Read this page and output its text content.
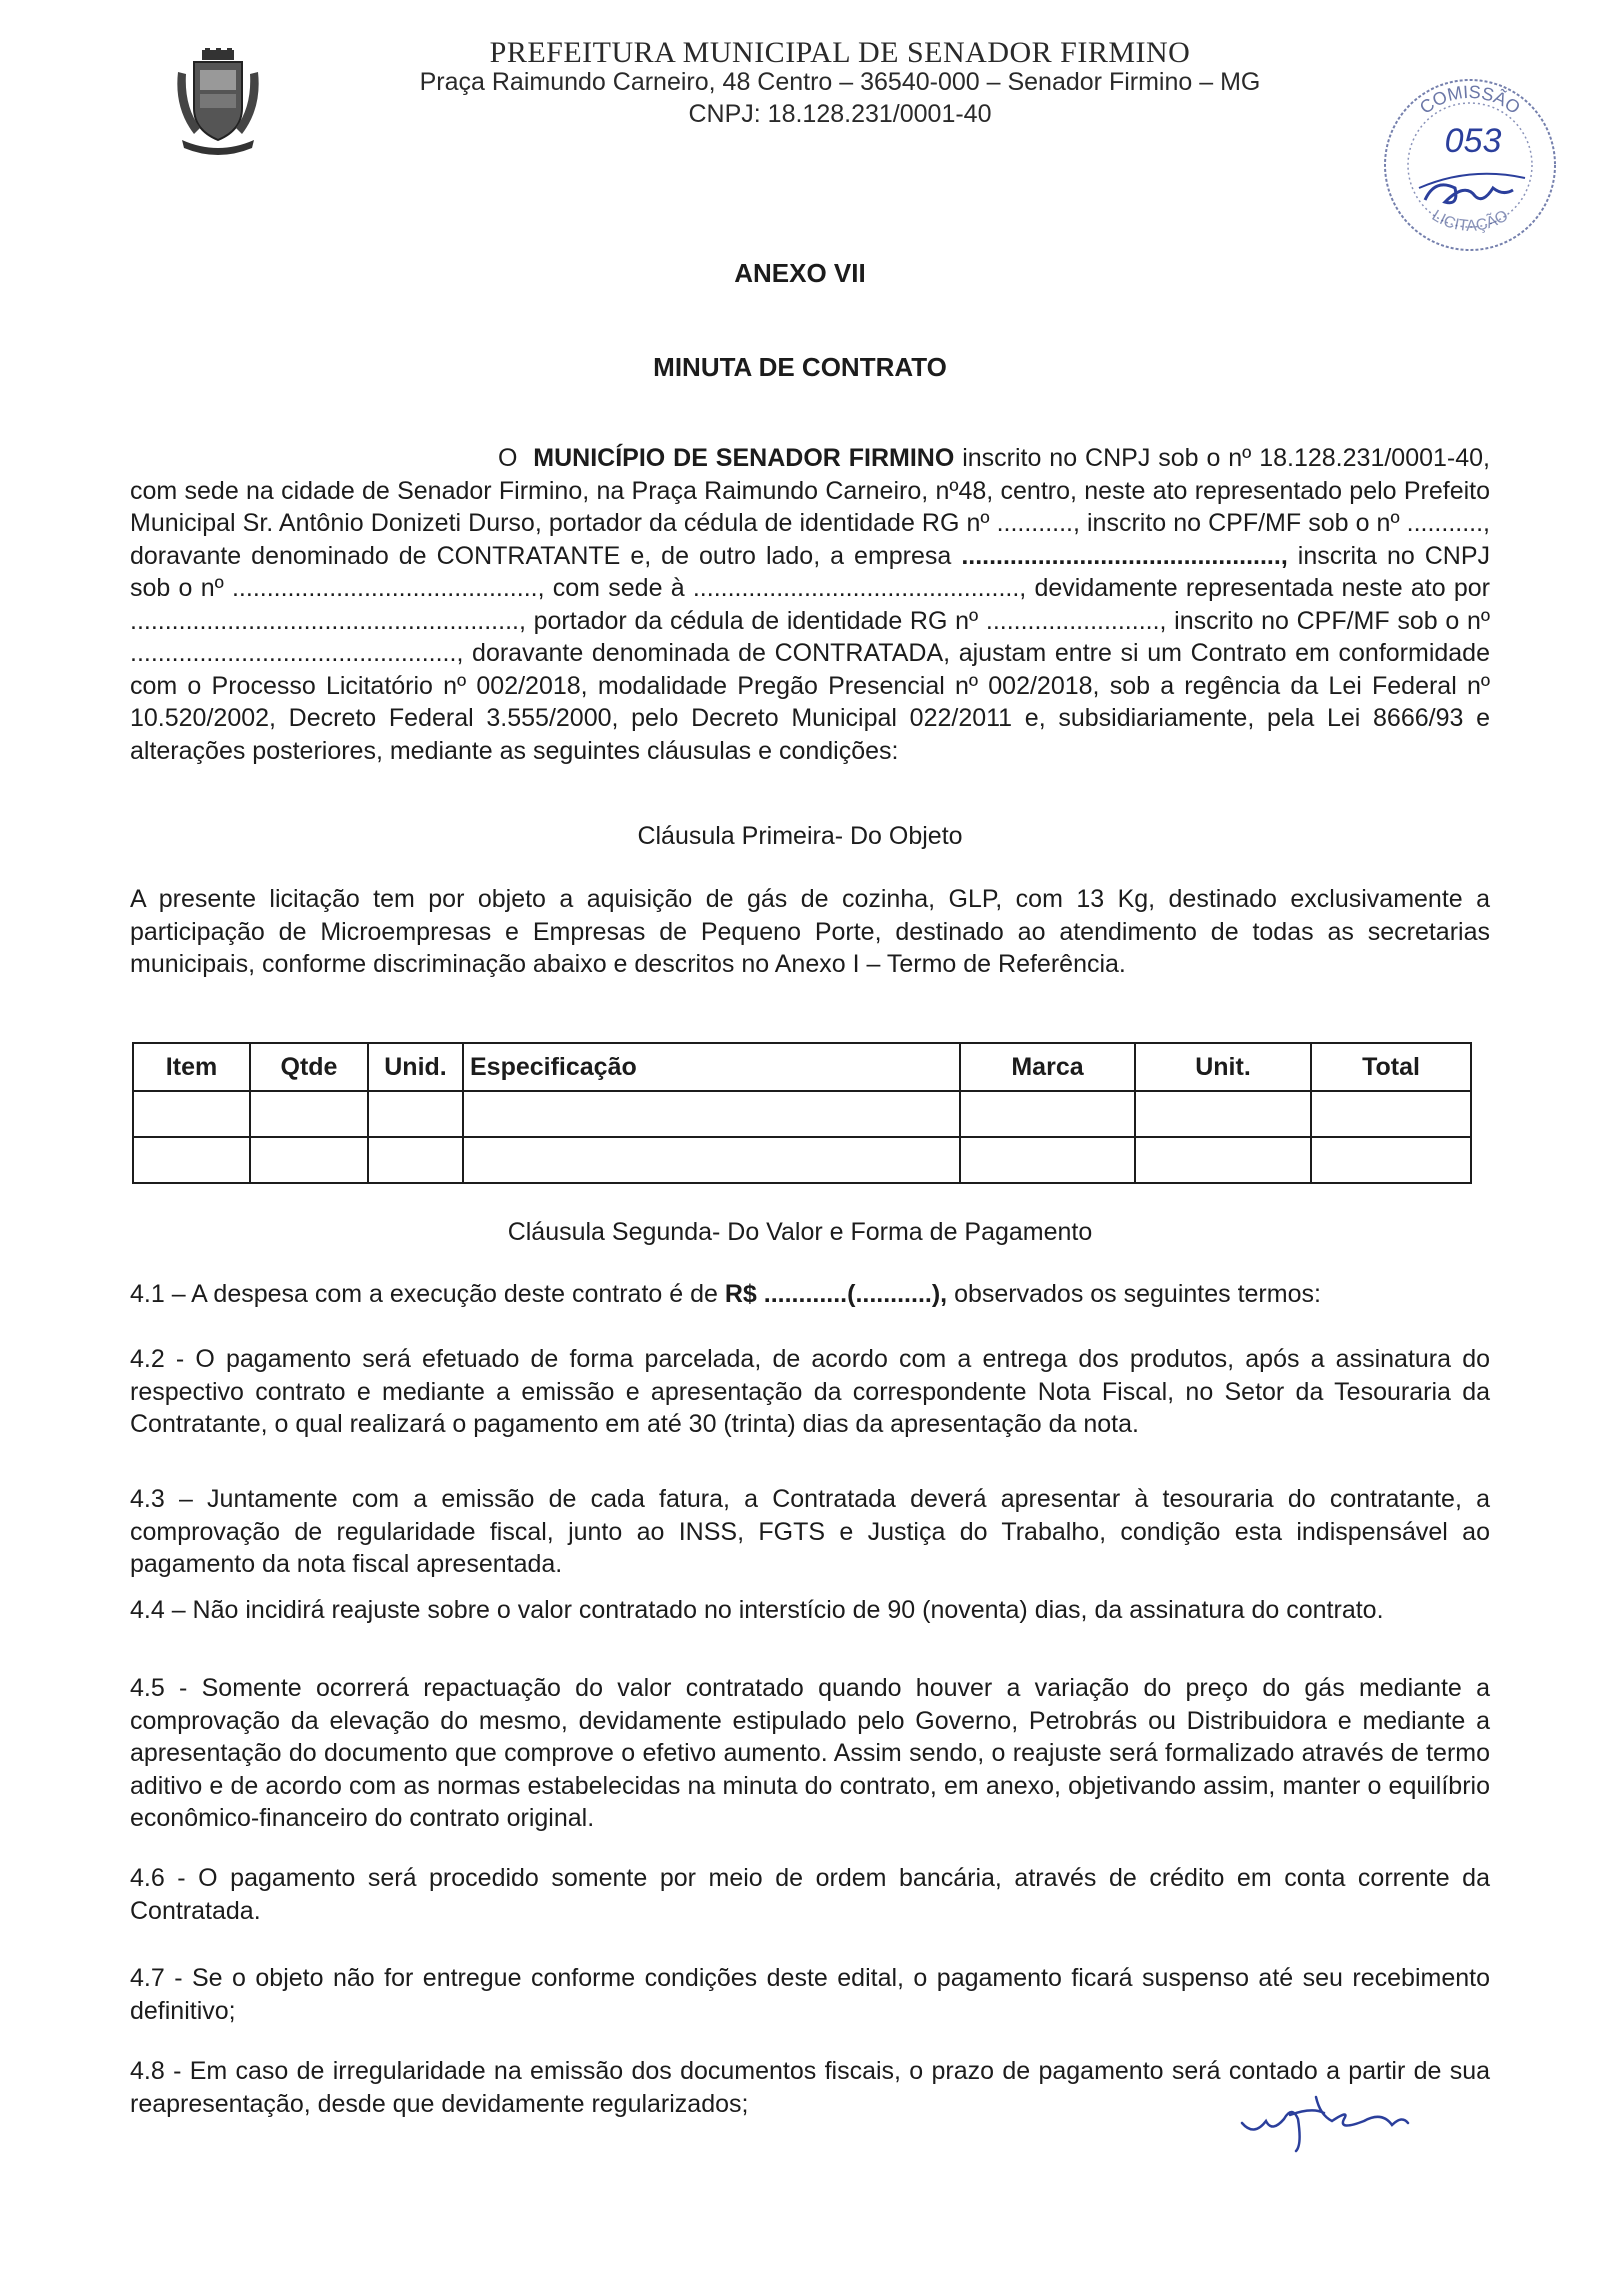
PREFEITURA MUNICIPAL DE SENADOR FIRMINO
Praça Raimundo Carneiro, 48 Centro – 36540-000 – Senador Firmino – MG
CNPJ: 18.128.231/0001-40	COMISSÃO
LICITAÇÃO
053
ANEXO VII
MINUTA DE CONTRATO
O MUNICÍPIO DE SENADOR FIRMINO inscrito no CNPJ sob o nº 18.128.231/0001-40, com sede na cidade de Senador Firmino, na Praça Raimundo Carneiro, nº48, centro, neste ato representado pelo Prefeito Municipal Sr. Antônio Donizeti Durso, portador da cédula de identidade RG nº ..........., inscrito no CPF/MF sob o nº ..........., doravante denominado de CONTRATANTE e, de outro lado, a empresa .............................................., inscrita no CNPJ sob o nº ............................................, com sede à ..............................................., devidamente representada neste ato por ........................................................, portador da cédula de identidade RG nº ........................., inscrito no CPF/MF sob o nº ..............................................., doravante denominada de CONTRATADA, ajustam entre si um Contrato em conformidade com o Processo Licitatório nº 002/2018, modalidade Pregão Presencial nº 002/2018, sob a regência da Lei Federal nº 10.520/2002, Decreto Federal 3.555/2000, pelo Decreto Municipal 022/2011 e, subsidiariamente, pela Lei 8666/93 e alterações posteriores, mediante as seguintes cláusulas e condições:
Cláusula Primeira- Do Objeto
A presente licitação tem por objeto a aquisição de gás de cozinha, GLP, com 13 Kg, destinado exclusivamente a participação de Microempresas e Empresas de Pequeno Porte, destinado ao atendimento de todas as secretarias municipais, conforme discriminação abaixo e descritos no Anexo I – Termo de Referência.
Item	Qtde	Unid.	Especificação	Marca	Unit.	Total

Cláusula Segunda- Do Valor e Forma de Pagamento
4.1 – A despesa com a execução deste contrato é de R$ ............(...........), observados os seguintes termos:
4.2 - O pagamento será efetuado de forma parcelada, de acordo com a entrega dos produtos, após a assinatura do respectivo contrato e mediante a emissão e apresentação da correspondente Nota Fiscal, no Setor da Tesouraria da Contratante, o qual realizará o pagamento em até 30 (trinta) dias da apresentação da nota.
4.3 – Juntamente com a emissão de cada fatura, a Contratada deverá apresentar à tesouraria do contratante, a comprovação de regularidade fiscal, junto ao INSS, FGTS e Justiça do Trabalho, condição esta indispensável ao pagamento da nota fiscal apresentada.
4.4 – Não incidirá reajuste sobre o valor contratado no interstício de 90 (noventa) dias, da assinatura do contrato.
4.5 - Somente ocorrerá repactuação do valor contratado quando houver a variação do preço do gás mediante a comprovação da elevação do mesmo, devidamente estipulado pelo Governo, Petrobrás ou Distribuidora e mediante a apresentação do documento que comprove o efetivo aumento. Assim sendo, o reajuste será formalizado através de termo aditivo e de acordo com as normas estabelecidas na minuta do contrato, em anexo, objetivando assim, manter o equilíbrio econômico-financeiro do contrato original.
4.6 - O pagamento será procedido somente por meio de ordem bancária, através de crédito em conta corrente da Contratada.
4.7 - Se o objeto não for entregue conforme condições deste edital, o pagamento ficará suspenso até seu recebimento definitivo;
4.8 - Em caso de irregularidade na emissão dos documentos fiscais, o prazo de pagamento será contado a partir de sua reapresentação, desde que devidamente regularizados;
